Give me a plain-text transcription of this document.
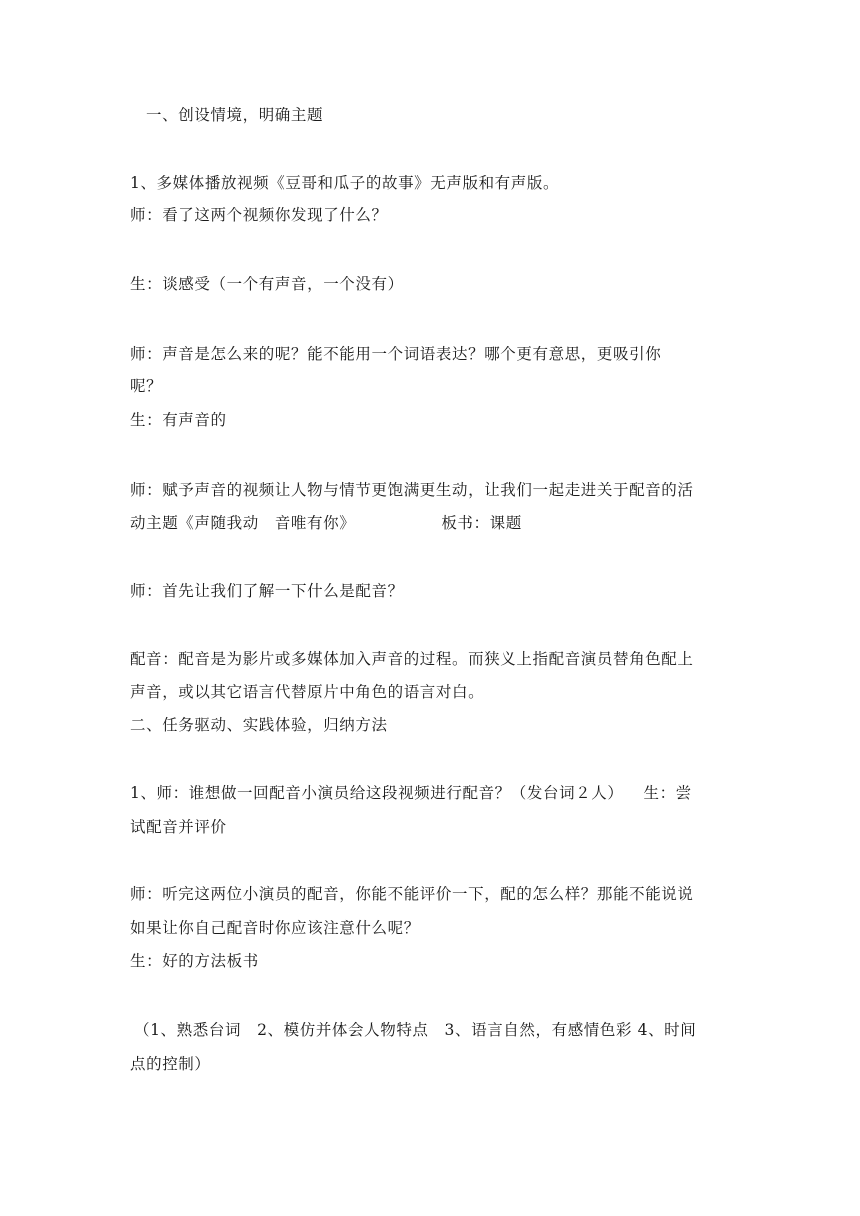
一、创设情境，明确主题
1、多媒体播放视频《豆哥和瓜子的故事》无声版和有声版。
师：看了这两个视频你发现了什么？
生：谈感受（一个有声音，一个没有）
师：声音是怎么来的呢？能不能用一个词语表达？哪个更有意思，更吸引你
呢？
生：有声音的
师：赋予声音的视频让人物与情节更饱满更生动，让我们一起走进关于配音的活
动主题《声随我动 音唯有你》	板书：课题
师：首先让我们了解一下什么是配音？
配音：配音是为影片或多媒体加入声音的过程。而狭义上指配音演员替角色配上
声音，或以其它语言代替原片中角色的语言对白。
二、任务驱动、实践体验，归纳方法
1、师：谁想做一回配音小演员给这段视频进行配音？（发台词２人） 生：尝
试配音并评价
师：听完这两位小演员的配音，你能不能评价一下，配的怎么样？那能不能说说
如果让你自己配音时你应该注意什么呢？
生：好的方法板书
（1、熟悉台词 2、模仿并体会人物特点 3、语言自然，有感情色彩 4、时间
点的控制）
